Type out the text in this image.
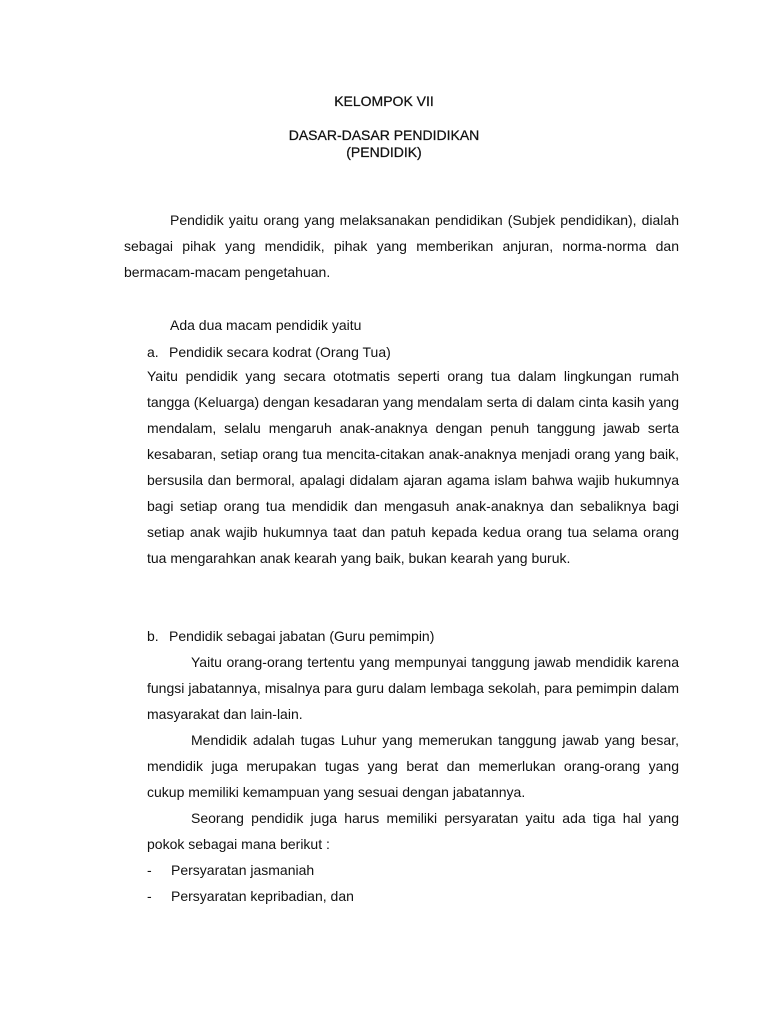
KELOMPOK VII
DASAR-DASAR PENDIDIKAN
(PENDIDIK)

Pendidik yaitu orang yang melaksanakan pendidikan (Subjek pendidikan), dialah sebagai pihak yang mendidik, pihak yang memberikan anjuran, norma-norma dan bermacam-macam pengetahuan.

Ada dua macam pendidik yaitu
a. Pendidik secara kodrat (Orang Tua)

Yaitu pendidik yang secara ototmatis seperti orang tua dalam lingkungan rumah tangga (Keluarga) dengan kesadaran yang mendalam serta di dalam cinta kasih yang mendalam, selalu mengaruh anak-anaknya dengan penuh tanggung jawab serta kesabaran, setiap orang tua mencita-citakan anak-anaknya menjadi orang yang baik, bersusila dan bermoral, apalagi didalam ajaran agama islam bahwa wajib hukumnya bagi setiap orang tua mendidik dan mengasuh anak-anaknya dan sebaliknya bagi setiap anak wajib hukumnya taat dan patuh kepada kedua orang tua selama orang tua mengarahkan anak kearah yang baik, bukan kearah yang buruk.

b. Pendidik sebagai jabatan (Guru pemimpin)

Yaitu orang-orang tertentu yang mempunyai tanggung jawab mendidik karena fungsi jabatannya, misalnya para guru dalam lembaga sekolah, para pemimpin dalam masyarakat dan lain-lain.

Mendidik adalah tugas Luhur yang memerukan tanggung jawab yang besar, mendidik juga merupakan tugas yang berat dan memerlukan orang-orang yang cukup memiliki kemampuan yang sesuai dengan jabatannya.

Seorang pendidik juga harus memiliki persyaratan yaitu ada tiga hal yang pokok sebagai mana berikut :

- Persyaratan jasmaniah
- Persyaratan kepribadian, dan
